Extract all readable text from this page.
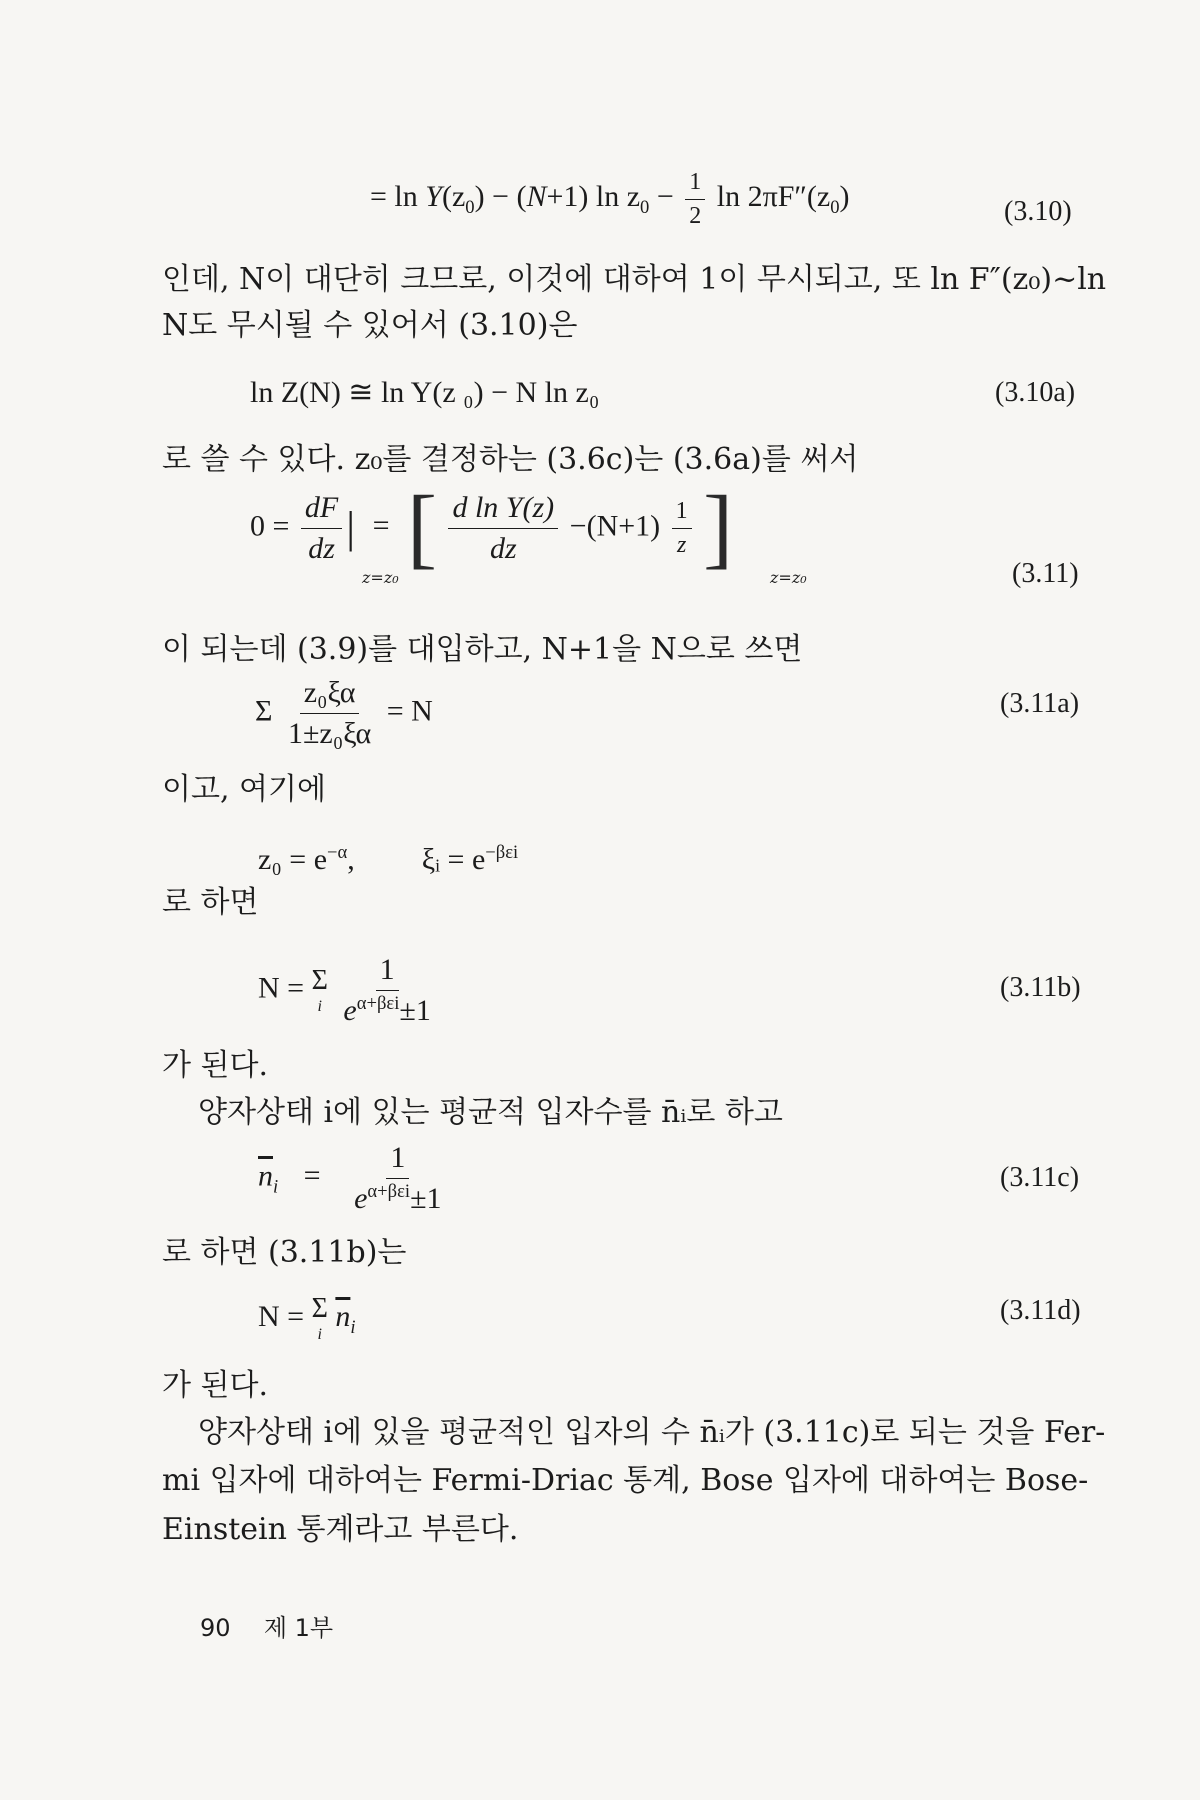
= $\ln Y(z_0) - (N+1)$ $\ln z_0 - \frac{1}{2}$ $\ln 2\pi F''(z_0)$	(3.10)
인데, N이 대단히 크므로, 이것에 대하여 1이 무시되고, 또 ln F″(z₀)~ln
N도 무시될 수 있어서 (3.10)은
ln Z(N) ≅ ln Y(z ₀) − N ln z₀	(3.10a)
로 쓸 수 있다. z₀를 결정하는 (3.6c)는 (3.6a)를 써서
$0 = \frac{dF}{dz}$ | = [ $\frac{\text{d ln Y(z)}}{dz} -(N+1) \frac{1}{z}$ ]
z=z₀	z=z₀	(3.11)
이 되는데 (3.9)를 대입하고, N+1을 N으로 쓰면
Σ $\frac{\text{z₀ξα}}{\text{1±z₀ξα}} = N$	(3.11a)
이고, 여기에
$z_0 = e^{-\alpha}$, ξᵢ = $e^{-\beta\varepsilon i}$
로 하면
N = Σ
i
$\frac{1}{e^{\alpha+\beta\varepsilon i}\pm 1}$	(3.11b)
가 된다.
양자상태 i에 있는 평균적 입자수를 n̄ᵢ로 하고
$\overline{n}_i = \frac{1}{e^{\alpha+\beta\varepsilon i}\pm 1}$	(3.11c)
로 하면 (3.11b)는
N = Σ
i
$\overline{n}_i$
(3.11d)
가 된다.
양자상태 i에 있을 평균적인 입자의 수 n̄ᵢ가 (3.11c)로 되는 것을 Fer-
mi 입자에 대하여는 Fermi-Driac 통계, Bose 입자에 대하여는 Bose-
Einstein 통계라고 부른다.
90 제 1부
